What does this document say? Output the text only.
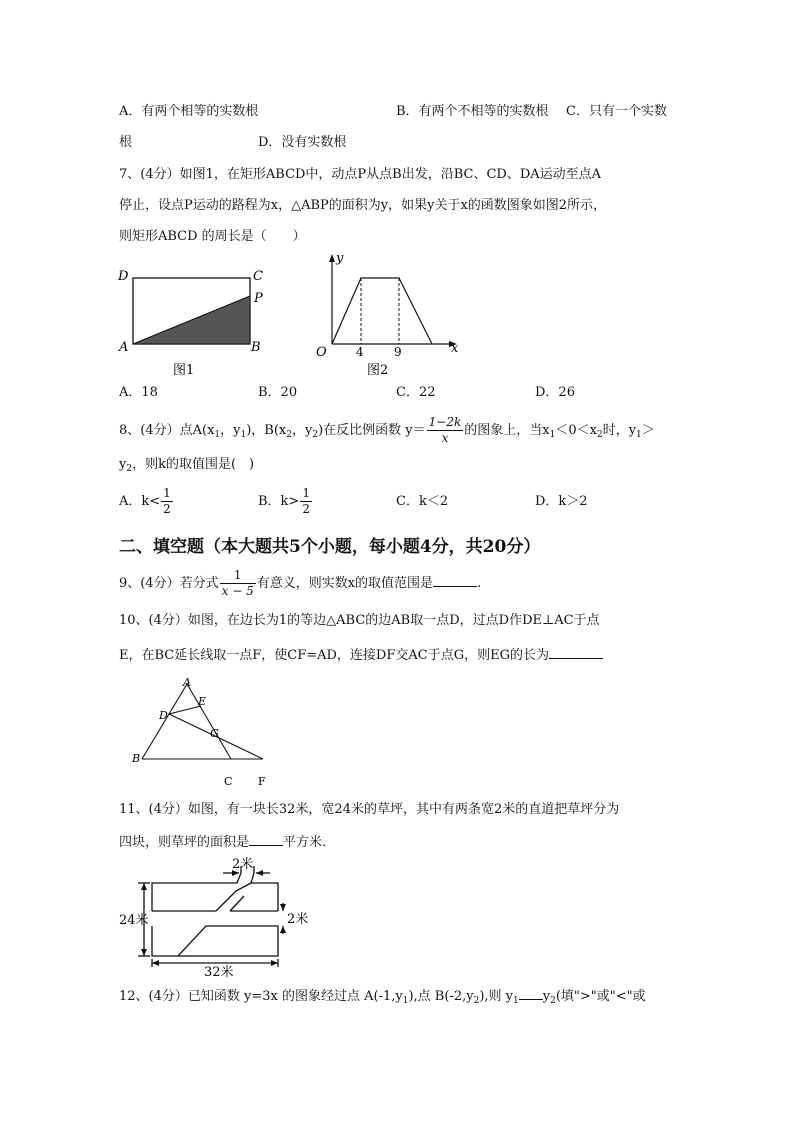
A．有两个相等的实数根	B．有两个不相等的实数根 C．只有一个实数
根	D．没有实数根
7、(4分）如图1，在矩形ABCD中，动点P从点B出发，沿BC、CD、DA运动至点A
停止，设点P运动的路程为x，△ABP的面积为y，如果y关于x的函数图象如图2所示，
则矩形ABCD 的周长是（　　）
D	C
P
A	B
图1
y
x
O 4	9
图2
A．18	B．20	C．22	D．26
8、(4分）点$A(x_1$，$y_1$)，$B(x_2$，$y_2$)在反比例函数 $y= \frac{1-2k}{x}$ 的图象上，当$x_1<0<x_2$时，$y_1>$
$y_2$，则k的取值围是(　)
A．$k< \frac{1}{2}$	B．$k> \frac{1}{2}$	C．k＜2	D．k＞2
二、填空题（本大题共5个小题，每小题4分，共20分）
9、(4分）若分式 $\frac{1}{x - 5}$ 有意义，则实数x的取值范围是	.
10、(4分）如图，在边长为1的等边△ABC的边AB取一点D，过点D作DE⊥AC于点
E，在BC延长线取一点F，使CF=AD，连接DF交AC于点G，则EG的长为
A
E
D
G
B
C F
11、(4分）如图，有一块长32米，宽24米的草坪，其中有两条宽2米的直道把草坪分为
四块，则草坪的面积是	平方米．
2米
2米
24米
32米
12、(4分）已知函数 y=3x 的图象经过点 $A(-1,y_1)$,点 $B(-2,y_2)$,则 $y_1$ $y_2$(填">"或"<"或
